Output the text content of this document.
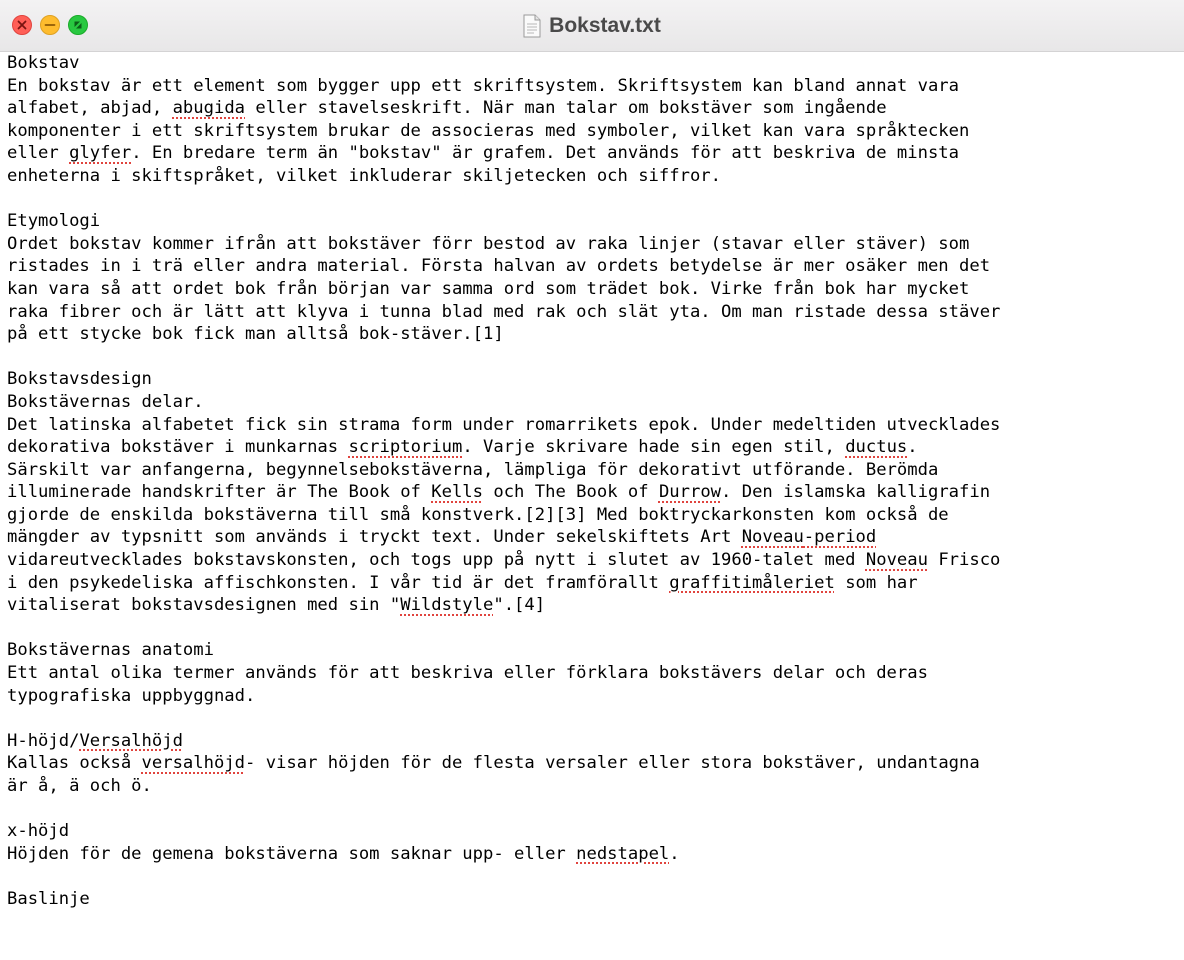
Bokstav.txt
Bokstav
En bokstav är ett element som bygger upp ett skriftsystem. Skriftsystem kan bland annat vara
alfabet, abjad, abugida eller stavelseskrift. När man talar om bokstäver som ingående
komponenter i ett skriftsystem brukar de associeras med symboler, vilket kan vara språktecken
eller glyfer. En bredare term än "bokstav" är grafem. Det används för att beskriva de minsta
enheterna i skiftspråket, vilket inkluderar skiljetecken och siffror.
Etymologi
Ordet bokstav kommer ifrån att bokstäver förr bestod av raka linjer (stavar eller stäver) som
ristades in i trä eller andra material. Första halvan av ordets betydelse är mer osäker men det
kan vara så att ordet bok från början var samma ord som trädet bok. Virke från bok har mycket
raka fibrer och är lätt att klyva i tunna blad med rak och slät yta. Om man ristade dessa stäver
på ett stycke bok fick man alltså bok-stäver.[1]
Bokstavsdesign
Bokstävernas delar.
Det latinska alfabetet fick sin strama form under romarrikets epok. Under medeltiden utvecklades
dekorativa bokstäver i munkarnas scriptorium. Varje skrivare hade sin egen stil, ductus.
Särskilt var anfangerna, begynnelsebokstäverna, lämpliga för dekorativt utförande. Berömda
illuminerade handskrifter är The Book of Kells och The Book of Durrow. Den islamska kalligrafin
gjorde de enskilda bokstäverna till små konstverk.[2][3] Med boktryckarkonsten kom också de
mängder av typsnitt som används i tryckt text. Under sekelskiftets Art Noveau-period
vidareutvecklades bokstavskonsten, och togs upp på nytt i slutet av 1960-talet med Noveau Frisco
i den psykedeliska affischkonsten. I vår tid är det framförallt graffitimåleriet som har
vitaliserat bokstavsdesignen med sin "Wildstyle".[4]
Bokstävernas anatomi
Ett antal olika termer används för att beskriva eller förklara bokstävers delar och deras
typografiska uppbyggnad.
H-höjd/Versalhöjd
Kallas också versalhöjd- visar höjden för de flesta versaler eller stora bokstäver, undantagna
är å, ä och ö.
x-höjd
Höjden för de gemena bokstäverna som saknar upp- eller nedstapel.
Baslinje
